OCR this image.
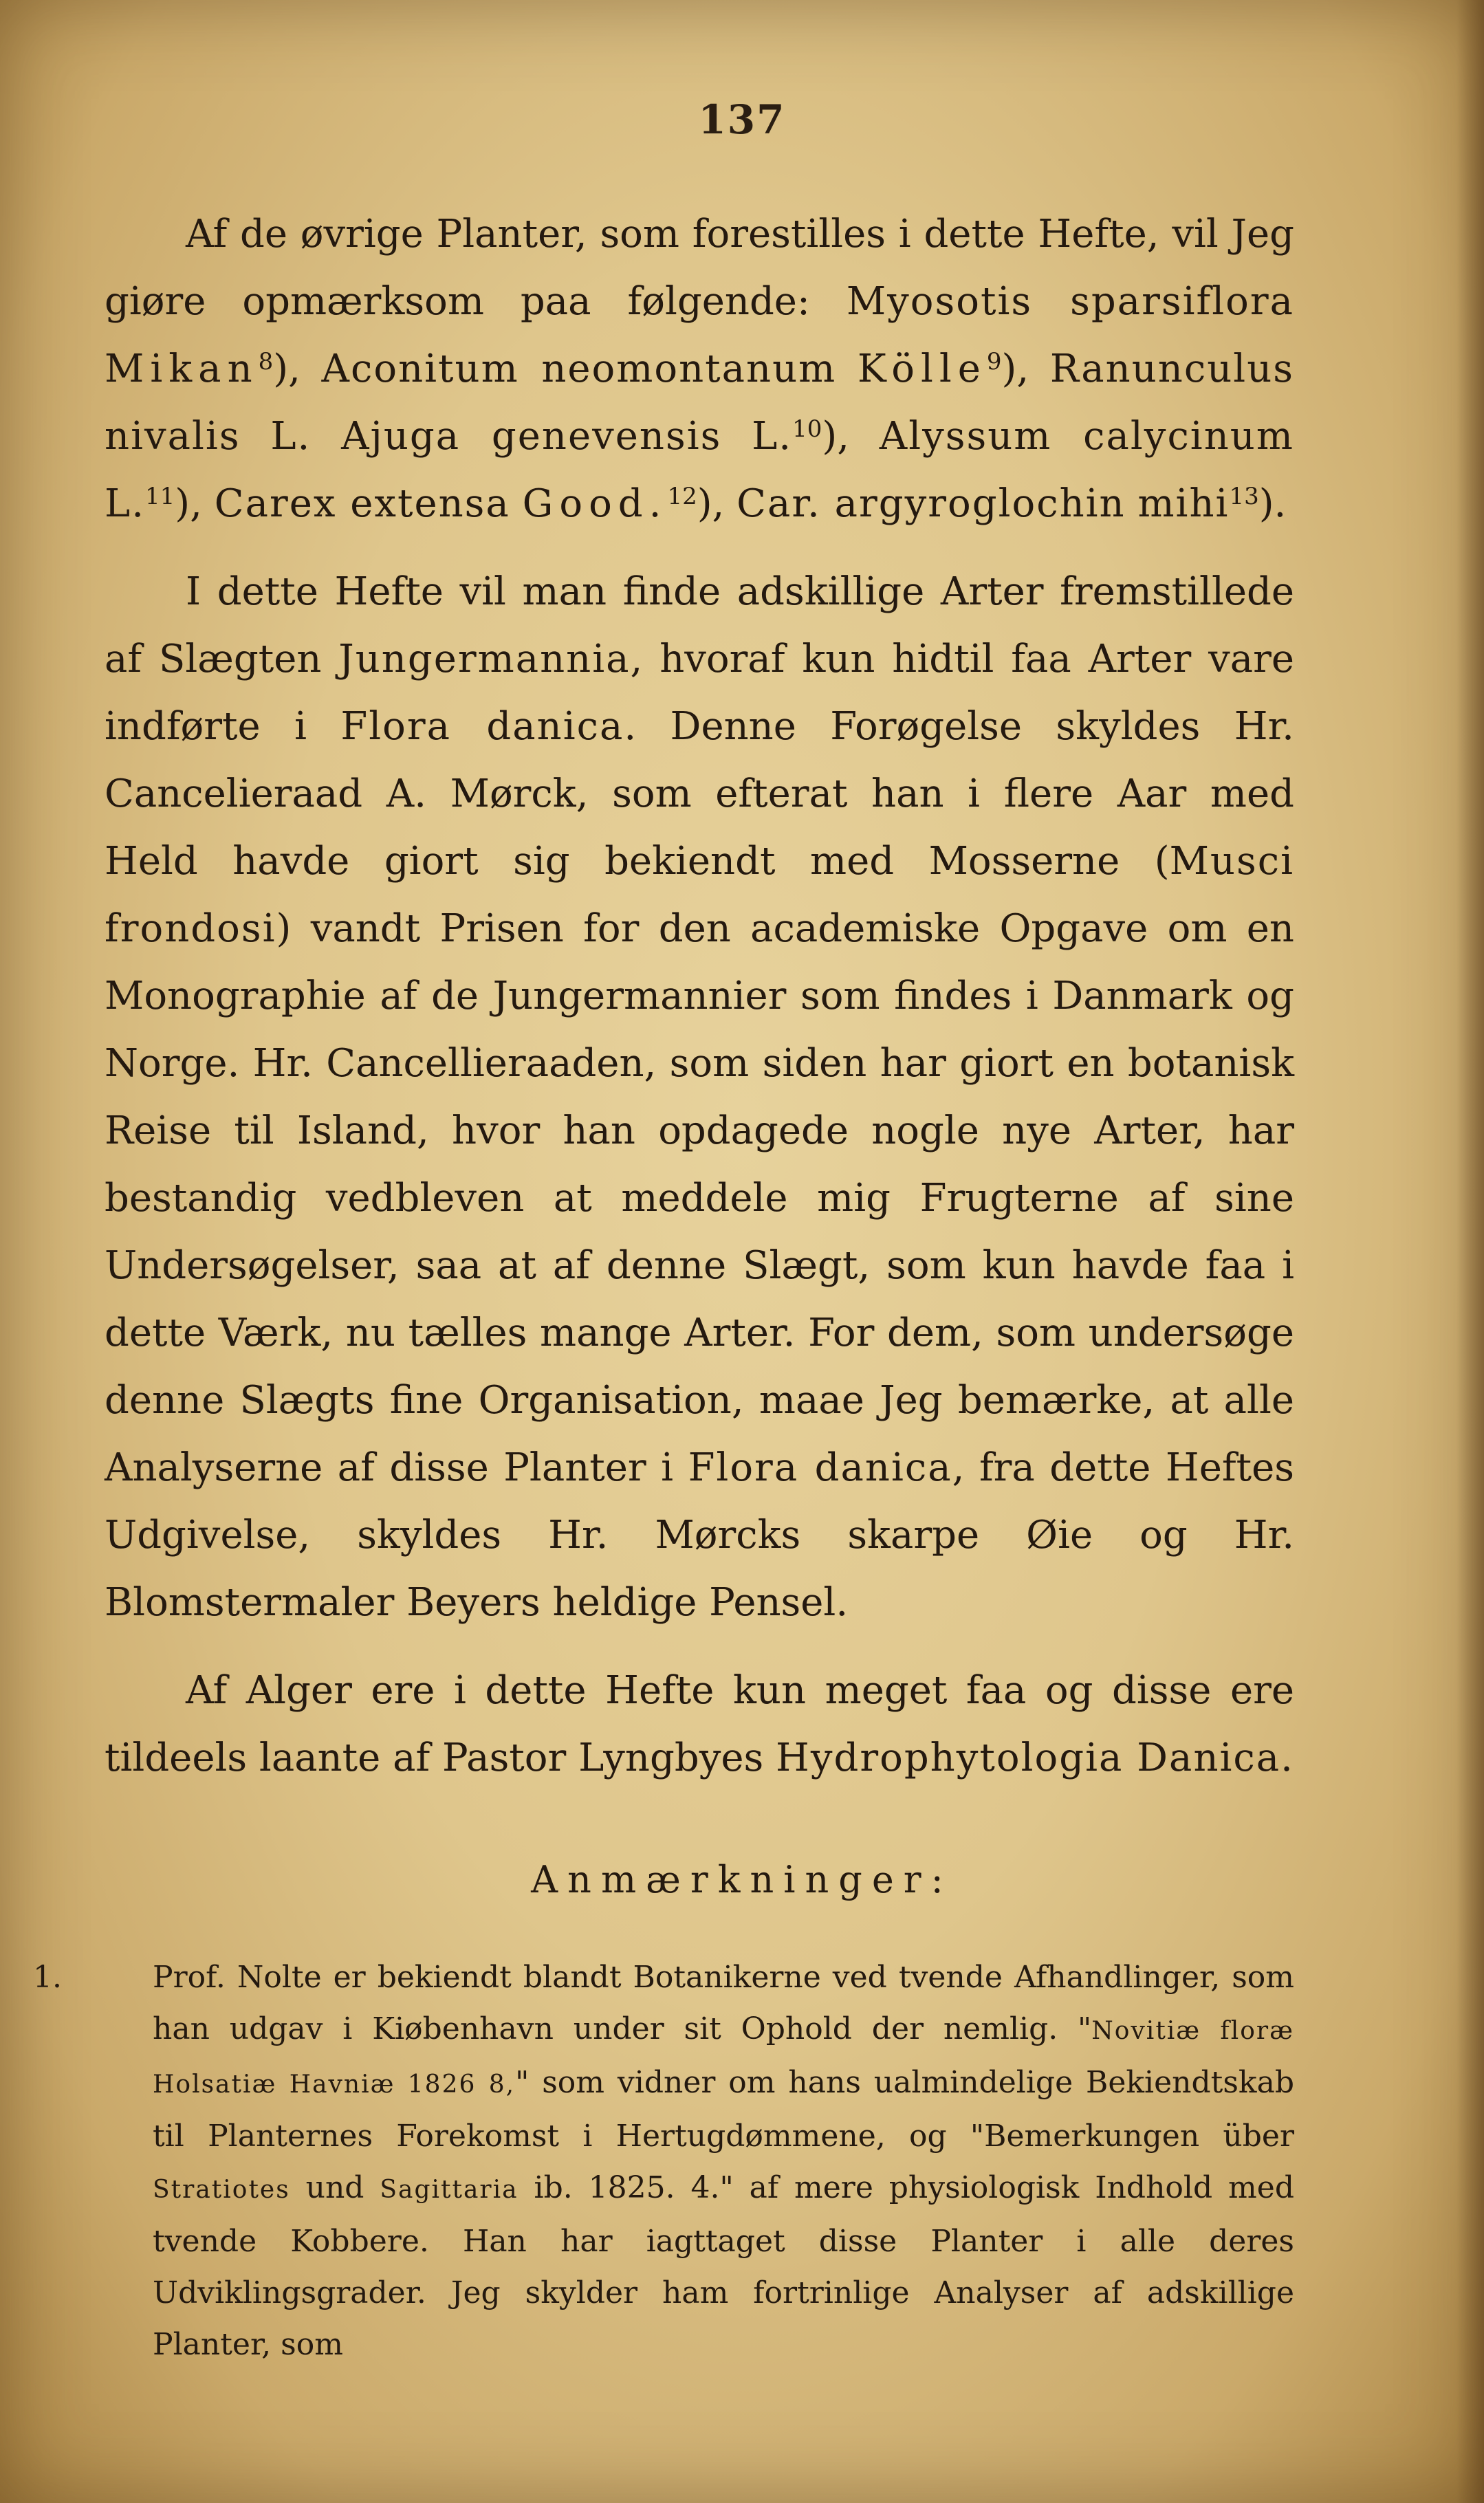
137

Af de øvrige Planter, som forestilles i dette Hefte, vil Jeg giøre opmærksom paa følgende: Myosotis sparsiflora Mikan$^8$), Aconitum neomontanum Kölle$^9$), Ranunculus nivalis L. Ajuga genevensis L.$^{10}$), Alyssum calycinum L.$^{11}$), Carex extensa Good.$^{12}$), Car. argyroglochin mihi$^{13}$).

I dette Hefte vil man finde adskillige Arter fremstillede af Slægten Jungermannia, hvoraf kun hidtil faa Arter vare indførte i Flora danica. Denne Forøgelse skyldes Hr. Cancelieraad A. Mørck, som efterat han i flere Aar med Held havde giort sig bekiendt med Mosserne (Musci frondosi) vandt Prisen for den academiske Opgave om en Monographie af de Jungermannier som findes i Danmark og Norge. Hr. Cancellieraaden, som siden har giort en botanisk Reise til Island, hvor han opdagede nogle nye Arter, har bestandig vedbleven at meddele mig Frugterne af sine Undersøgelser, saa at af denne Slægt, som kun havde faa i dette Værk, nu tælles mange Arter. For dem, som undersøge denne Slægts fine Organisation, maae Jeg bemærke, at alle Analyserne af disse Planter i Flora danica, fra dette Heftes Udgivelse, skyldes Hr. Mørcks skarpe Øie og Hr. Blomstermaler Beyers heldige Pensel.

Af Alger ere i dette Hefte kun meget faa og disse ere tildeels laante af Pastor Lyngbyes Hydrophytologia Danica.

Anmærkninger:
1.	Prof. Nolte er bekiendt blandt Botanikerne ved tvende Afhandlinger, som han udgav i Kiøbenhavn under sit Ophold der nemlig. "Novitiæ floræ Holsatiæ Havniæ 1826 8," som vidner om hans ualmindelige Bekiendtskab til Planternes Forekomst i Hertugdømmene, og "Bemerkungen über Stratiotes und Sagittaria ib. 1825. 4." af mere physiologisk Indhold med tvende Kobbere. Han har iagttaget disse Planter i alle deres Udviklingsgrader. Jeg skylder ham fortrinlige Analyser af adskillige Planter, som
